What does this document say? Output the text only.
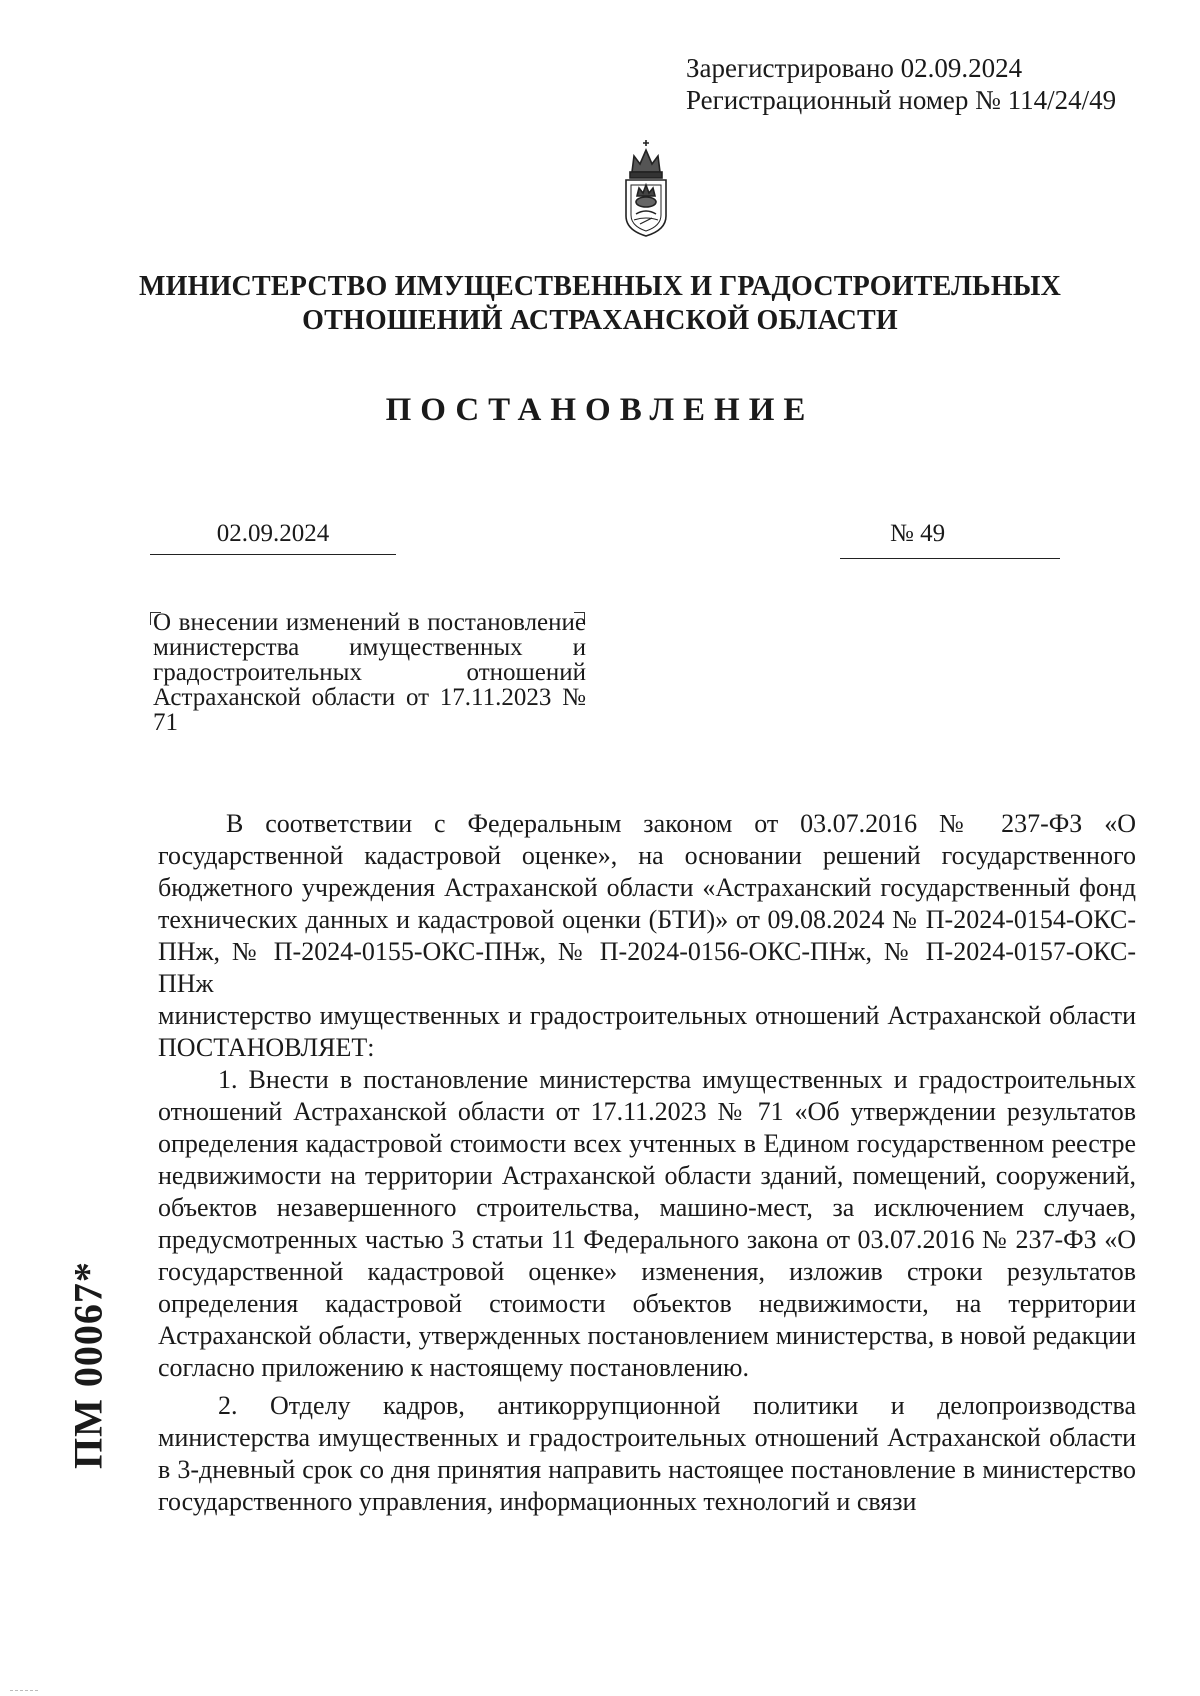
Зарегистрировано 02.09.2024
Регистрационный номер № 114/24/49
МИНИСТЕРСТВО ИМУЩЕСТВЕННЫХ И ГРАДОСТРОИТЕЛЬНЫХ
ОТНОШЕНИЙ АСТРАХАНСКОЙ ОБЛАСТИ
ПОСТАНОВЛЕНИЕ
02.09.2024	№ 49
О внесении изменений в постановление министерства имущественных и градостроительных отношений Астраханской области от 17.11.2023 № 71

В соответствии с Федеральным законом от 03.07.2016 № 237-ФЗ «О государственной кадастровой оценке», на основании решений государственного бюджетного учреждения Астраханской области «Астраханский государственный фонд технических данных и кадастровой оценки (БТИ)» от 09.08.2024 № П-2024-0154-ОКС-ПНж, № П-2024-0155-ОКС-ПНж, № П-2024-0156-ОКС-ПНж, № П-2024-0157-ОКС-ПНж

министерство имущественных и градостроительных отношений Астраханской области ПОСТАНОВЛЯЕТ:

1. Внести в постановление министерства имущественных и градостроительных отношений Астраханской области от 17.11.2023 № 71 «Об утверждении результатов определения кадастровой стоимости всех учтенных в Едином государственном реестре недвижимости на территории Астраханской области зданий, помещений, сооружений, объектов незавершенного строительства, машино-мест, за исключением случаев, предусмотренных частью 3 статьи 11 Федерального закона от 03.07.2016 № 237-ФЗ «О государственной кадастровой оценке» изменения, изложив строки результатов определения кадастровой стоимости объектов недвижимости, на территории Астраханской области, утвержденных постановлением министерства, в новой редакции согласно приложению к настоящему постановлению.

2. Отделу кадров, антикоррупционной политики и делопроизводства министерства имущественных и градостроительных отношений Астраханской области в 3-дневный срок со дня принятия направить настоящее постановление в министерство государственного управления, информационных технологий и связи

ПМ 00067*
